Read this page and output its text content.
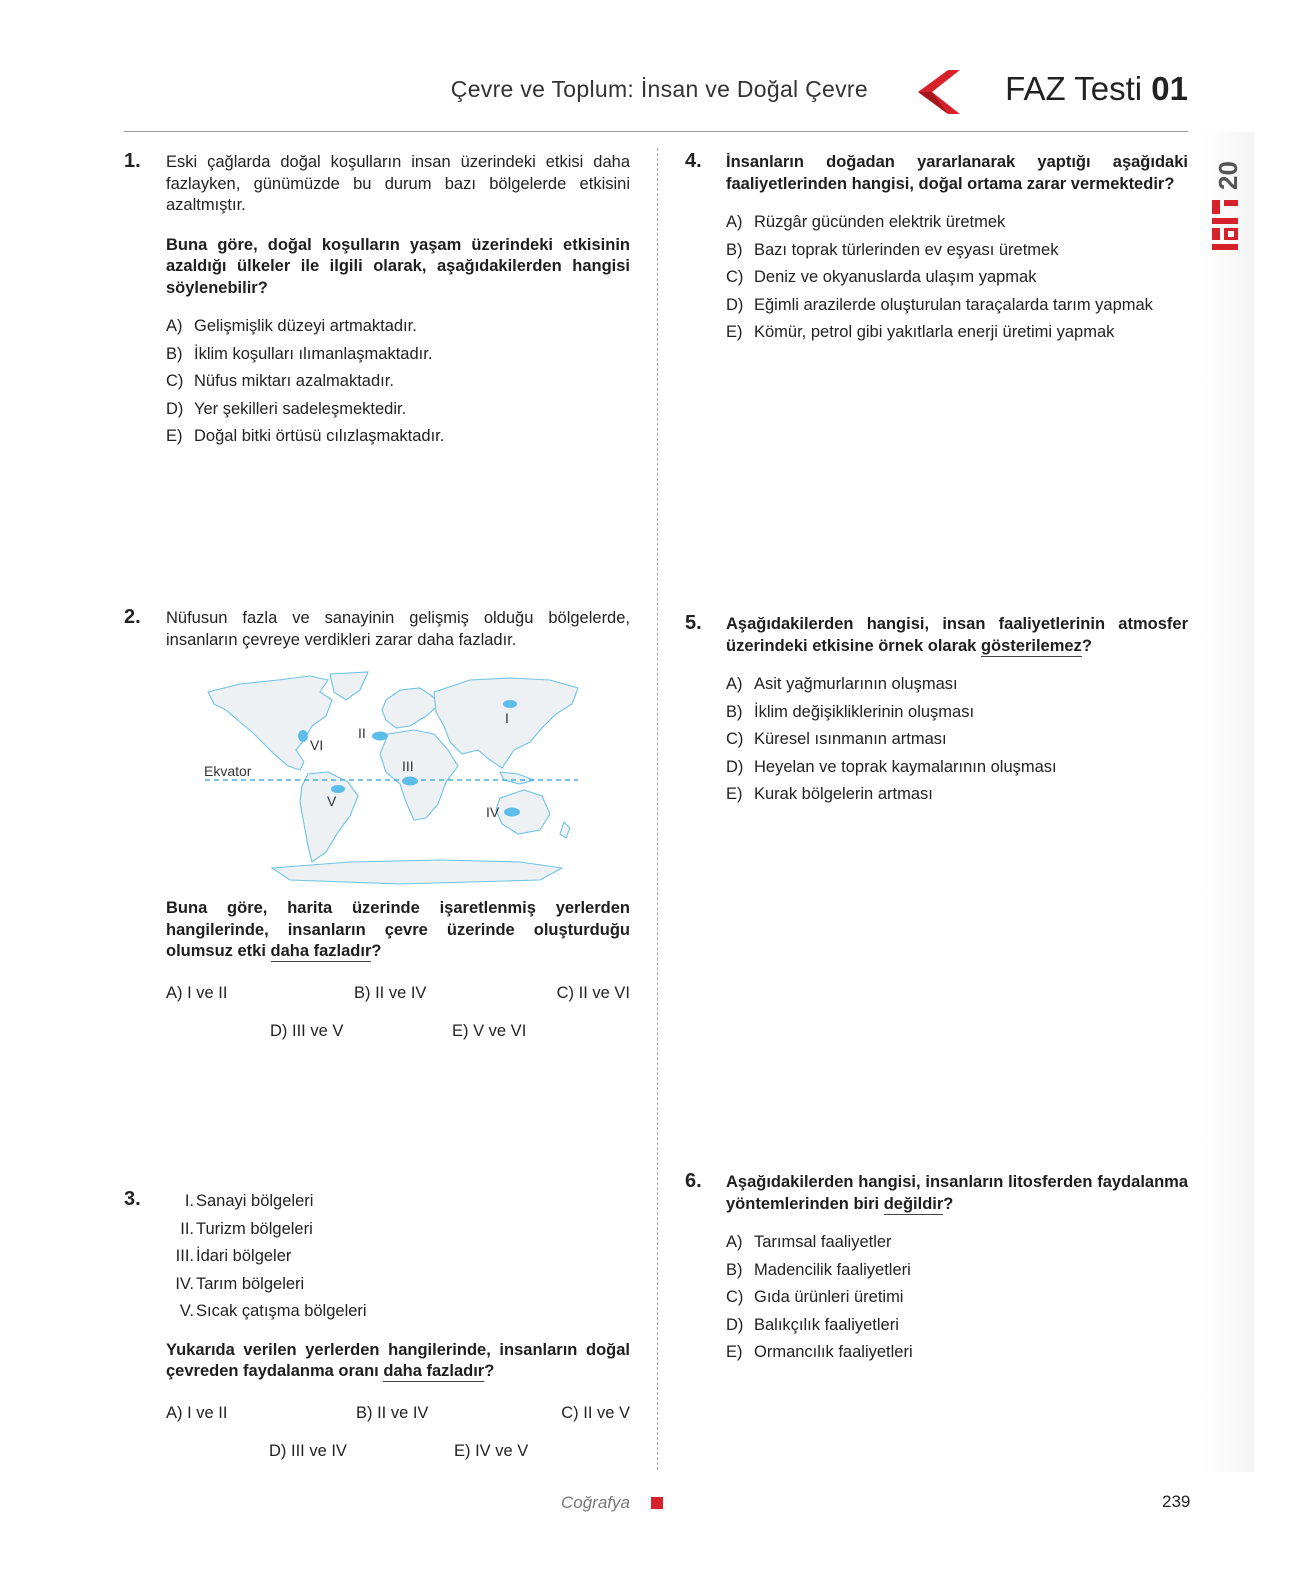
Çevre ve Toplum: İnsan ve Doğal Çevre	FAZ Testi 01
20
1. Eski çağlarda doğal koşulların insan üzerindeki etkisi daha fazlayken, günümüzde bu durum bazı bölgelerde etkisini azaltmıştır.

Buna göre, doğal koşulların yaşam üzerindeki etkisinin azaldığı ülkeler ile ilgili olarak, aşağıdakilerden hangisi söylenebilir?

A) Gelişmişlik düzeyi artmaktadır.
B) İklim koşulları ılımanlaşmaktadır.
C) Nüfus miktarı azalmaktadır.
D) Yer şekilleri sadeleşmektedir.
E) Doğal bitki örtüsü cılızlaşmaktadır.
2. Nüfusun fazla ve sanayinin gelişmiş olduğu bölgelerde, insanların çevreye verdikleri zarar daha fazladır.

I
II
III
IV
V
VI
Ekvator

Buna göre, harita üzerinde işaretlenmiş yerlerden hangilerinde, insanların çevre üzerinde oluşturduğu olumsuz etki daha fazladır?

A) I ve II	B) II ve IV	C) II ve VI
D) III ve V	E) V ve VI
3.	I. Sanayi bölgeleri
II. Turizm bölgeleri
III. İdari bölgeler
IV. Tarım bölgeleri
V. Sıcak çatışma bölgeleri

Yukarıda verilen yerlerden hangilerinde, insanların doğal çevreden faydalanma oranı daha fazladır?

A) I ve II	B) II ve IV	C) II ve V
D) III ve IV	E) IV ve V
4. İnsanların doğadan yararlanarak yaptığı aşağıdaki faaliyetlerinden hangisi, doğal ortama zarar vermektedir?

A) Rüzgâr gücünden elektrik üretmek
B) Bazı toprak türlerinden ev eşyası üretmek
C) Deniz ve okyanuslarda ulaşım yapmak
D) Eğimli arazilerde oluşturulan taraçalarda tarım yapmak
E) Kömür, petrol gibi yakıtlarla enerji üretimi yapmak
5. Aşağıdakilerden hangisi, insan faaliyetlerinin atmosfer üzerindeki etkisine örnek olarak gösterilemez?

A) Asit yağmurlarının oluşması
B) İklim değişikliklerinin oluşması
C) Küresel ısınmanın artması
D) Heyelan ve toprak kaymalarının oluşması
E) Kurak bölgelerin artması
6. Aşağıdakilerden hangisi, insanların litosferden faydalanma yöntemlerinden biri değildir?

A) Tarımsal faaliyetler
B) Madencilik faaliyetleri
C) Gıda ürünleri üretimi
D) Balıkçılık faaliyetleri
E) Ormancılık faaliyetleri
Coğrafya	239
